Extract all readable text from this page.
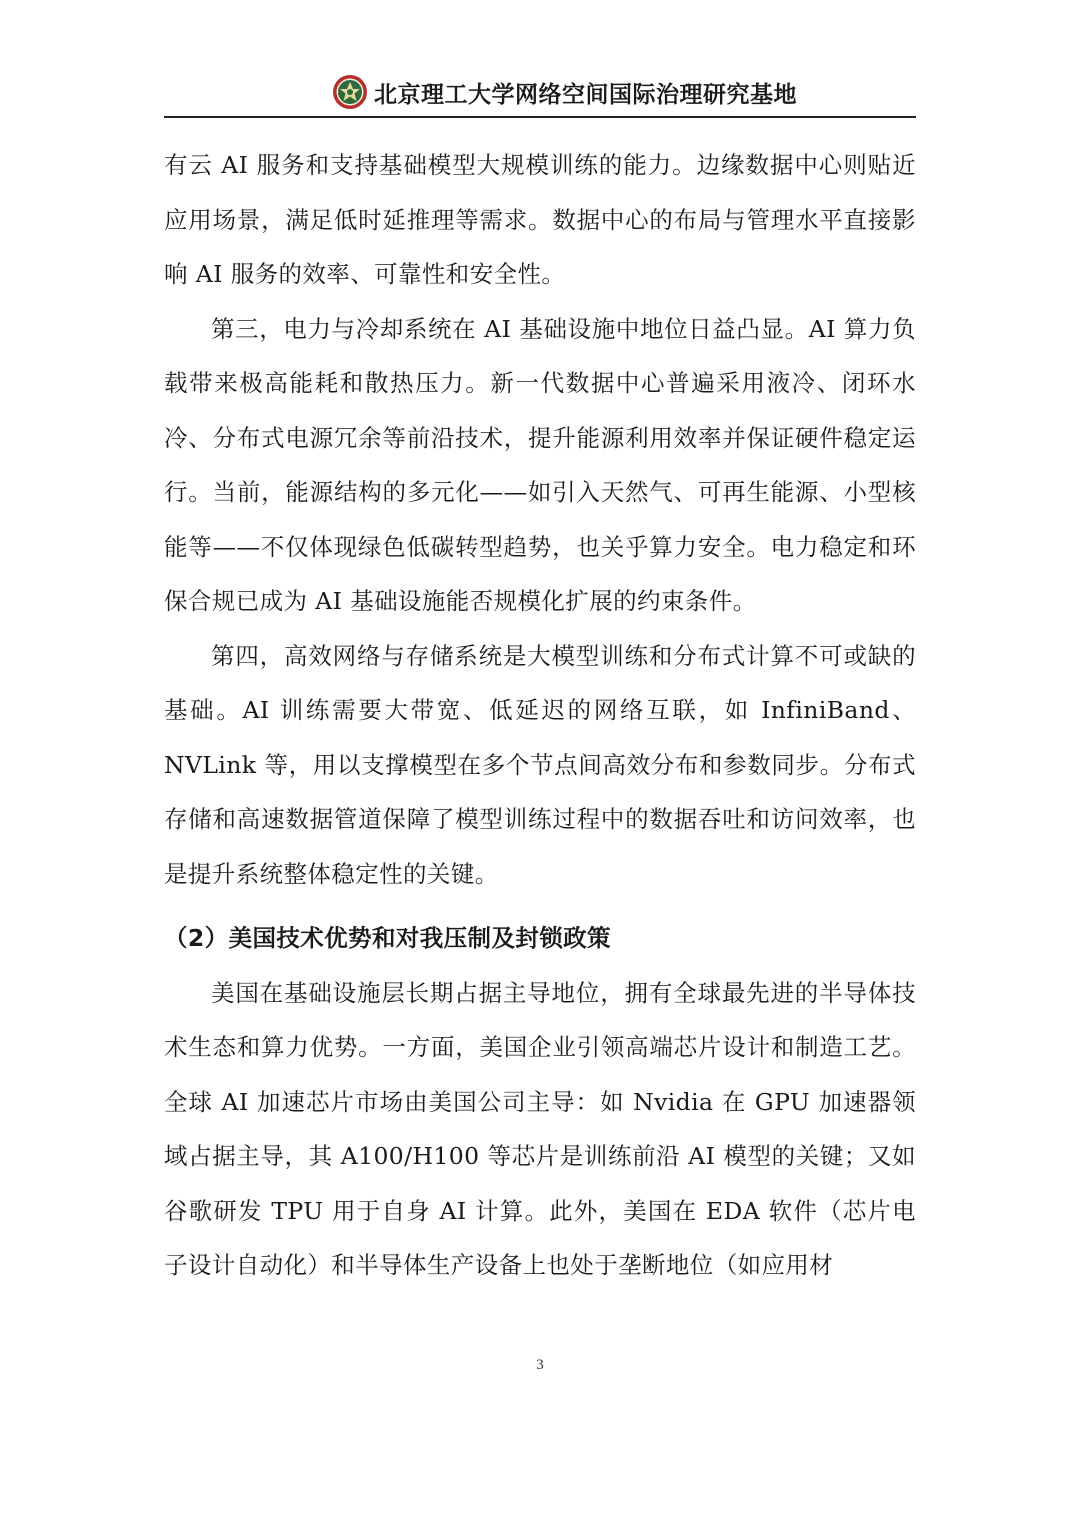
北京理工大学网络空间国际治理研究基地

有云 AI 服务和支持基础模型大规模训练的能力。边缘数据中心则贴近应用场景，满足低时延推理等需求。数据中心的布局与管理水平直接影响 AI 服务的效率、可靠性和安全性。

第三，电力与冷却系统在 AI 基础设施中地位日益凸显。AI 算力负载带来极高能耗和散热压力。新一代数据中心普遍采用液冷、闭环水冷、分布式电源冗余等前沿技术，提升能源利用效率并保证硬件稳定运行。当前，能源结构的多元化——如引入天然气、可再生能源、小型核能等——不仅体现绿色低碳转型趋势，也关乎算力安全。电力稳定和环保合规已成为 AI 基础设施能否规模化扩展的约束条件。

第四，高效网络与存储系统是大模型训练和分布式计算不可或缺的基础。AI 训练需要大带宽、低延迟的网络互联，如 InfiniBand、NVLink 等，用以支撑模型在多个节点间高效分布和参数同步。分布式存储和高速数据管道保障了模型训练过程中的数据吞吐和访问效率，也是提升系统整体稳定性的关键。

（2）美国技术优势和对我压制及封锁政策

美国在基础设施层长期占据主导地位，拥有全球最先进的半导体技术生态和算力优势。一方面，美国企业引领高端芯片设计和制造工艺。全球 AI 加速芯片市场由美国公司主导：如 Nvidia 在 GPU 加速器领域占据主导，其 A100/H100 等芯片是训练前沿 AI 模型的关键；又如谷歌研发 TPU 用于自身 AI 计算。此外，美国在 EDA 软件（芯片电子设计自动化）和半导体生产设备上也处于垄断地位（如应用材

3
